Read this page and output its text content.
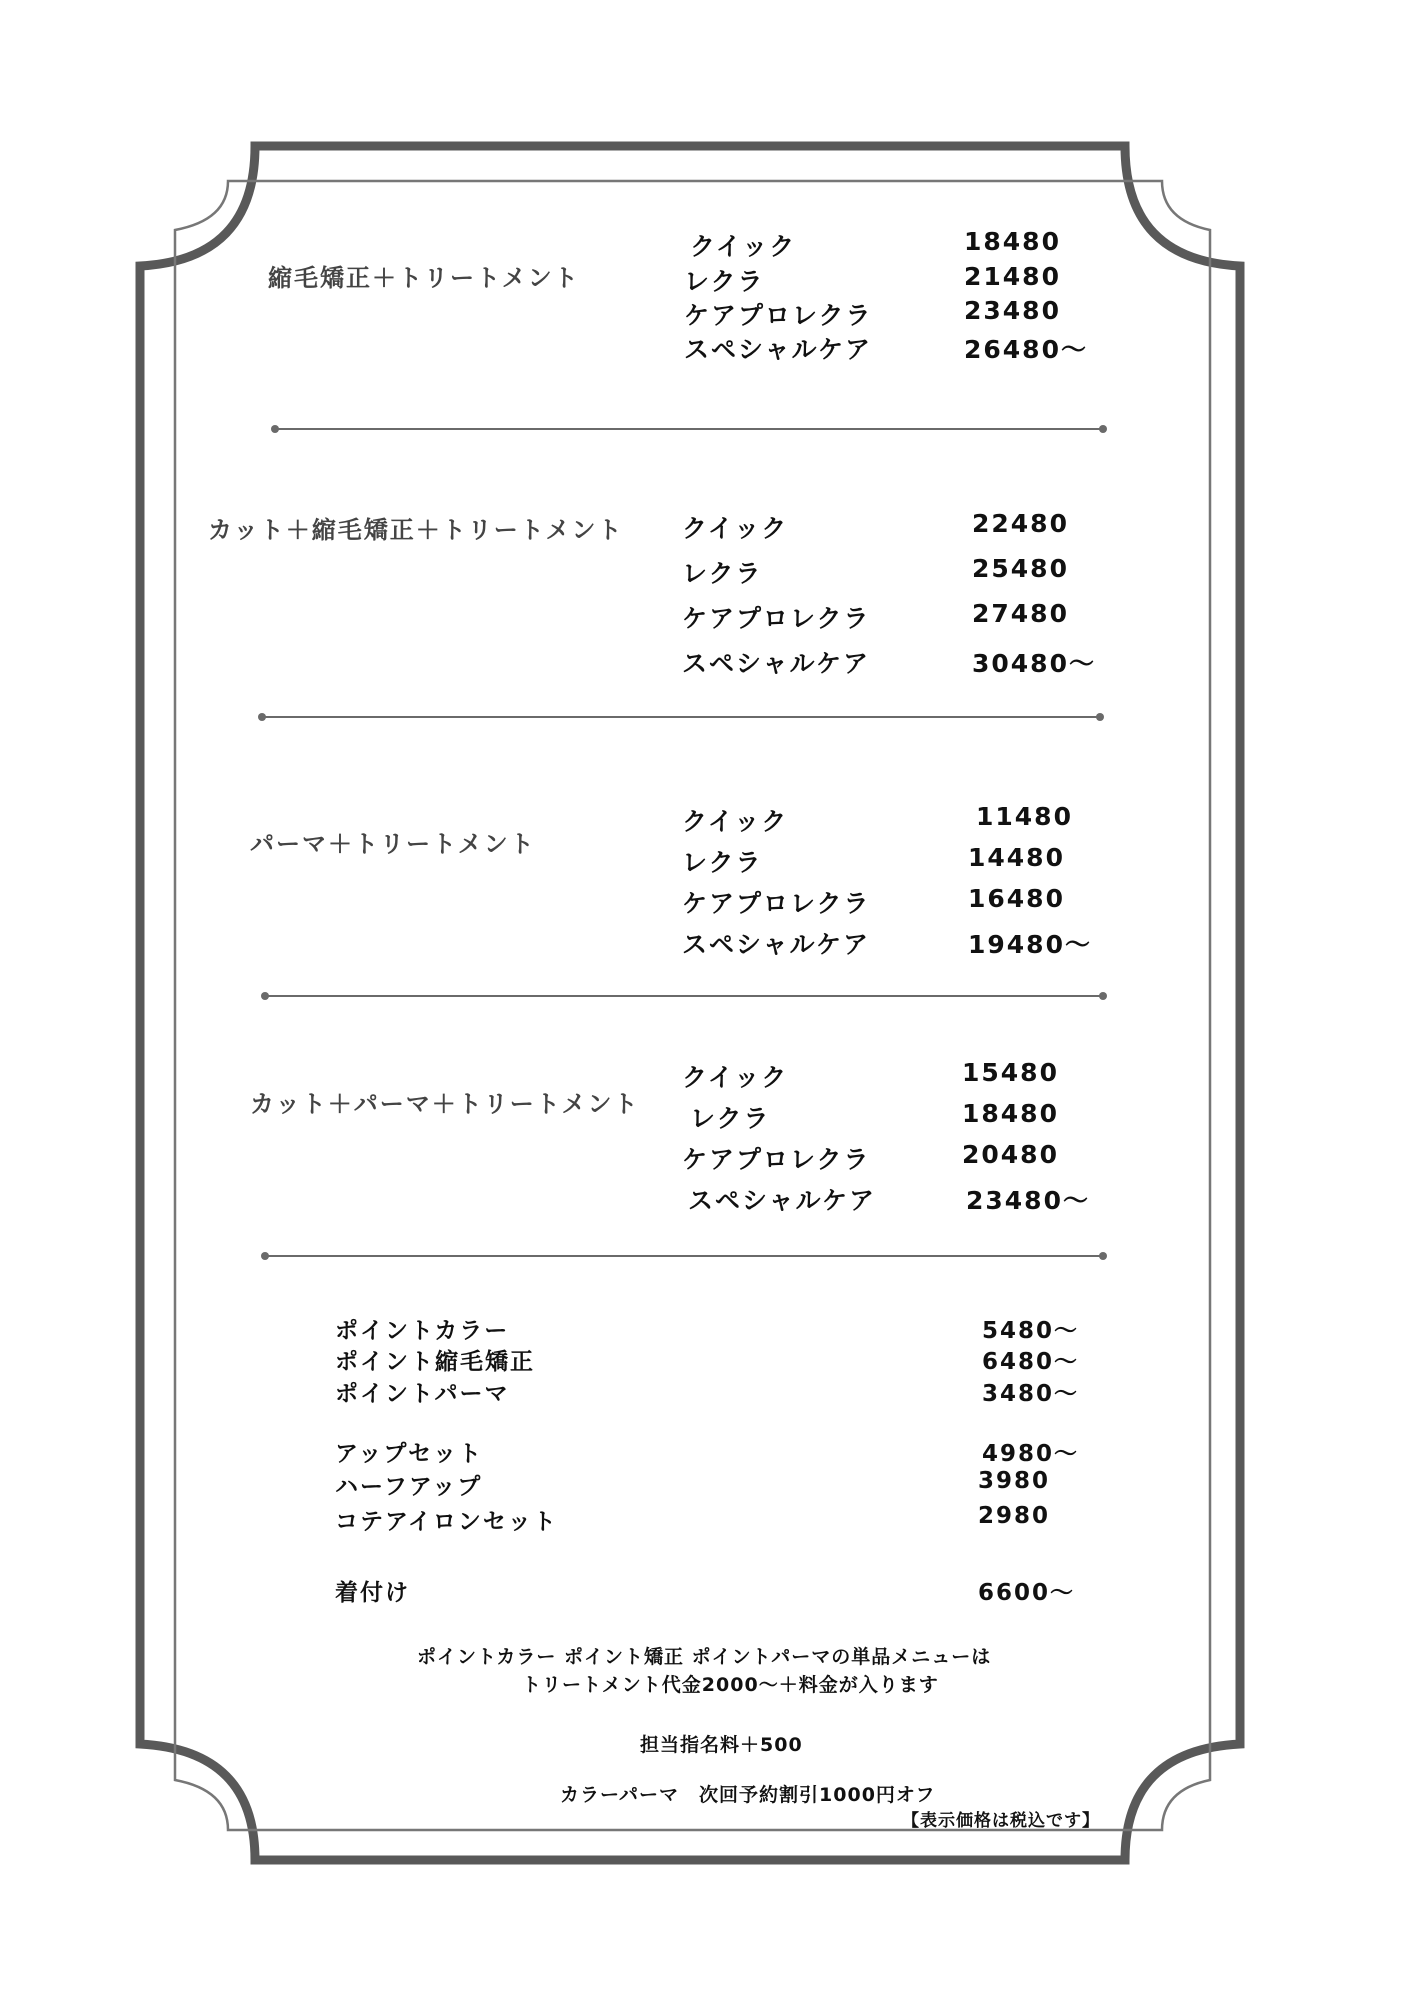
縮毛矯正＋トリートメント
クイック	18480
レクラ	21480
ケアプロレクラ	23480
スペシャルケア	26480～
カット＋縮毛矯正＋トリートメント クイック	22480
レクラ	25480
ケアプロレクラ	27480
スペシャルケア	30480～
パーマ＋トリートメント
クイック	11480
レクラ	14480
ケアプロレクラ	16480
スペシャルケア	19480～
カット＋パーマ＋トリートメント
クイック	15480
レクラ	18480
ケアプロレクラ	20480
スペシャルケア	23480～
ポイントカラー	5480～
ポイント縮毛矯正	6480～
ポイントパーマ	3480～
アップセット	4980～
ハーフアップ	3980
コテアイロンセット	2980
着付け	6600～
ポイントカラー ポイント矯正 ポイントパーマの単品メニューは
トリートメント代金2000～＋料金が入ります
担当指名料＋500
カラーパーマ　次回予約割引1000円オフ
【表示価格は税込です】
